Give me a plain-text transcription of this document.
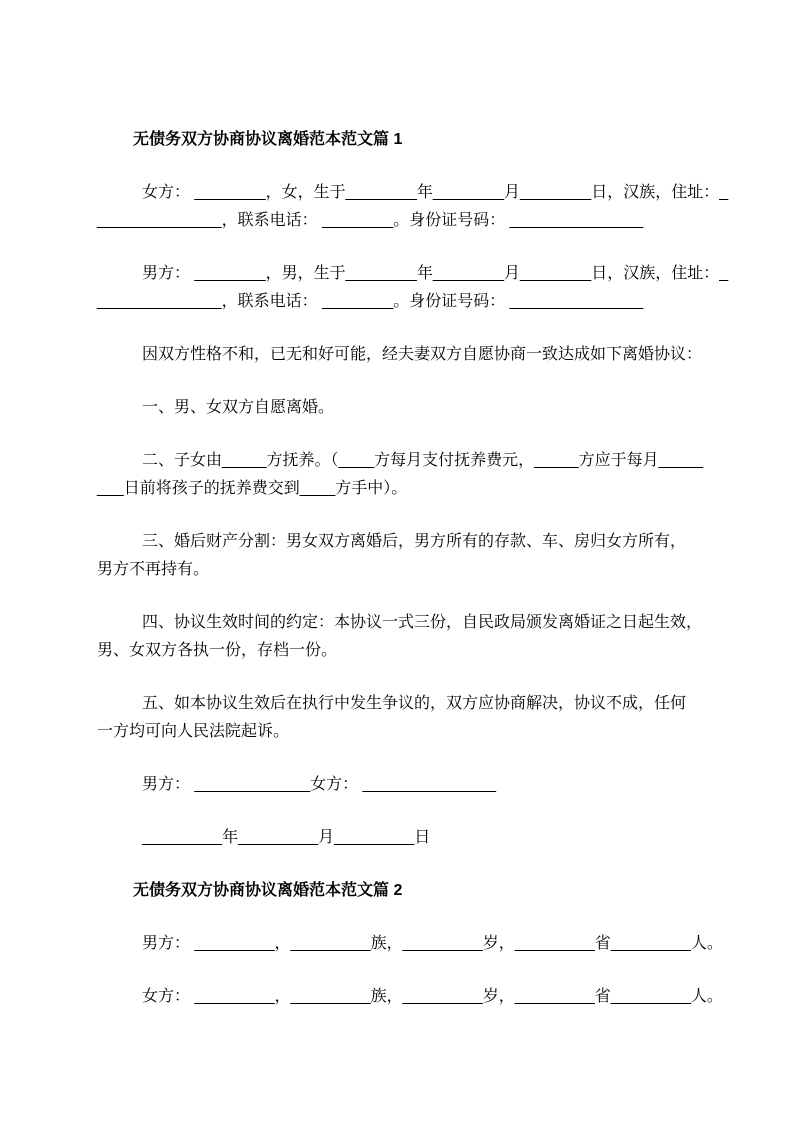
无债务双方协商协议离婚范本范文篇 1

女方： ________，女，生于________年________月________日，汉族，住址：_
______________，联系电话： ________。身份证号码： _______________

男方： ________，男，生于________年________月________日，汉族，住址：_
______________，联系电话： ________。身份证号码： _______________

因双方性格不和，已无和好可能，经夫妻双方自愿协商一致达成如下离婚协议：

一、男、女双方自愿离婚。

二、子女由_____方抚养。（____方每月支付抚养费元，_____方应于每月_____
___日前将孩子的抚养费交到____方手中）。

三、婚后财产分割：男女双方离婚后，男方所有的存款、车、房归女方所有，
男方不再持有。

四、协议生效时间的约定：本协议一式三份，自民政局颁发离婚证之日起生效，
男、女双方各执一份，存档一份。

五、如本协议生效后在执行中发生争议的，双方应协商解决，协议不成，任何
一方均可向人民法院起诉。

男方： _____________女方： _______________

_________年_________月_________日

无债务双方协商协议离婚范本范文篇 2

男方： _________，_________族，_________岁，_________省_________人。

女方： _________，_________族，_________岁，_________省_________人。
